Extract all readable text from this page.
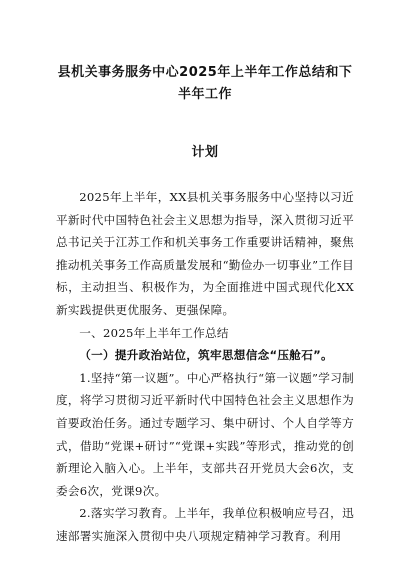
县机关事务服务中心2025年上半年工作总结和下半年工作
计划

2025年上半年，XX县机关事务服务中心坚持以习近平新时代中国特色社会主义思想为指导，深入贯彻习近平总书记关于江苏工作和机关事务工作重要讲话精神，聚焦推动机关事务工作高质量发展和“勤俭办一切事业”工作目标，主动担当、积极作为，为全面推进中国式现代化XX新实践提供更优服务、更强保障。

一、2025年上半年工作总结

（一）提升政治站位，筑牢思想信念“压舱石”。

1.坚持“第一议题”。中心严格执行“第一议题”学习制度，将学习贯彻习近平新时代中国特色社会主义思想作为首要政治任务。通过专题学习、集中研讨、个人自学等方式，借助“党课+研讨”“党课+实践”等形式，推动党的创新理论入脑入心。上半年，支部共召开党员大会6次，支委会6次，党课9次。

2.落实学习教育。上半年，我单位积极响应号召，迅速部署实施深入贯彻中央八项规定精神学习教育。利用
